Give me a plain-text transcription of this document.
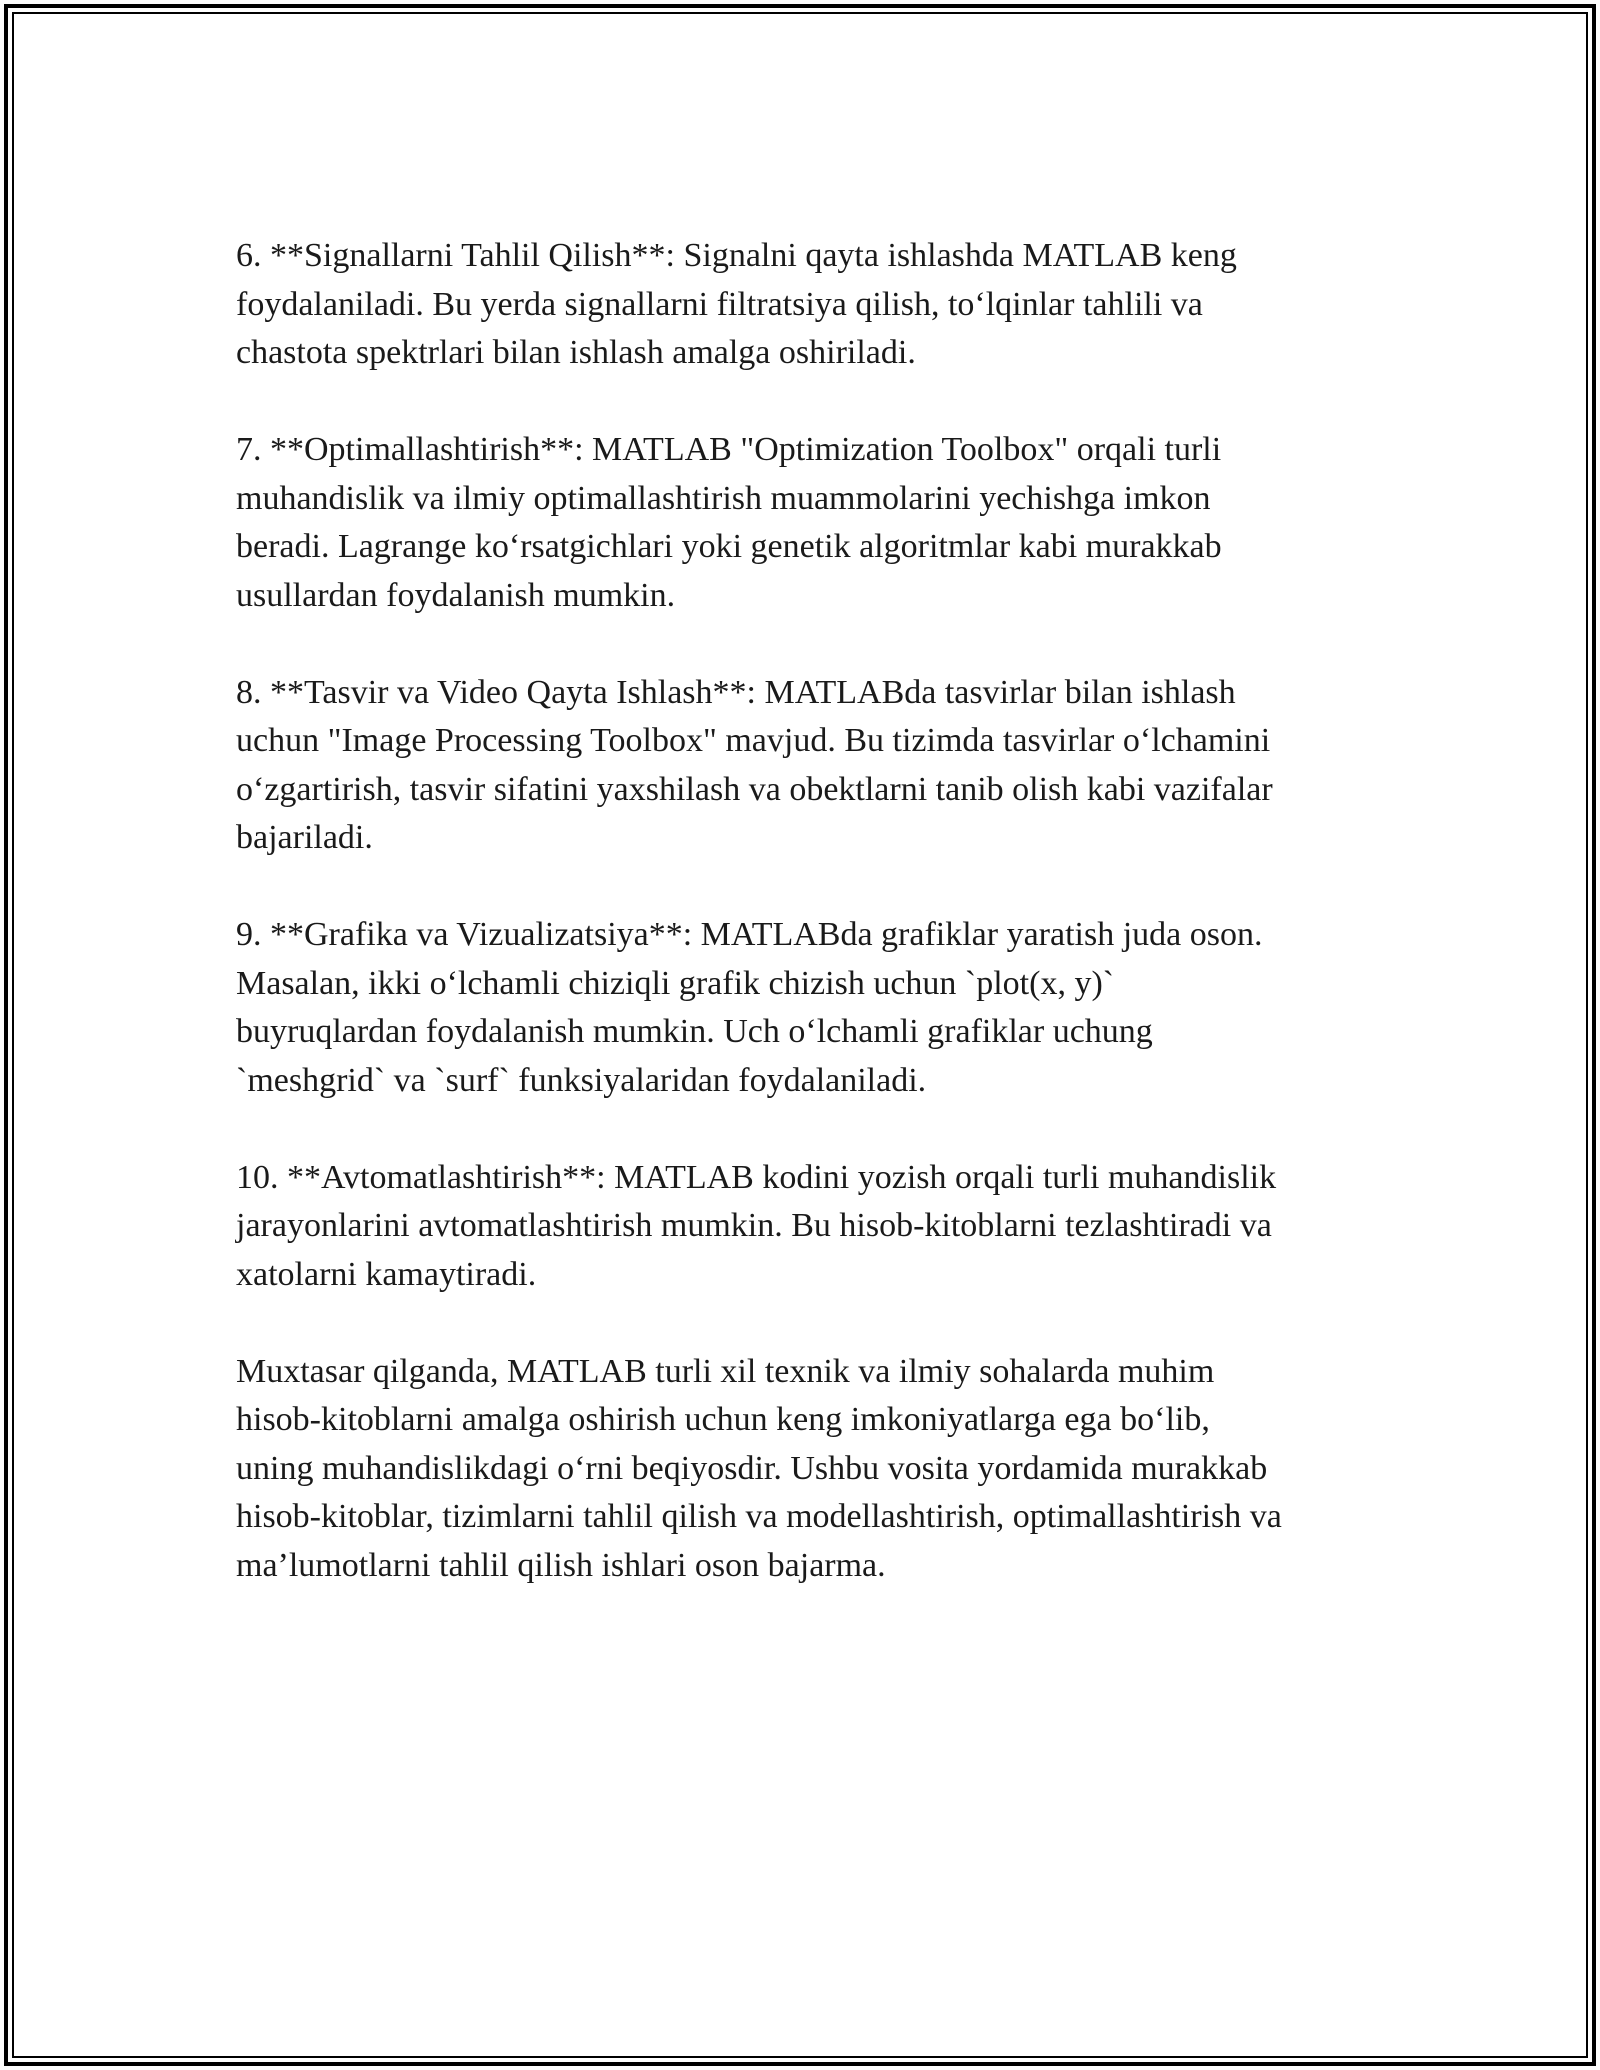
6. **Signallarni Tahlil Qilish**: Signalni qayta ishlashda MATLAB keng
foydalaniladi. Bu yerda signallarni filtratsiya qilish, to‘lqinlar tahlili va
chastota spektrlari bilan ishlash amalga oshiriladi.

7. **Optimallashtirish**: MATLAB "Optimization Toolbox" orqali turli
muhandislik va ilmiy optimallashtirish muammolarini yechishga imkon
beradi. Lagrange ko‘rsatgichlari yoki genetik algoritmlar kabi murakkab
usullardan foydalanish mumkin.

8. **Tasvir va Video Qayta Ishlash**: MATLABda tasvirlar bilan ishlash
uchun "Image Processing Toolbox" mavjud. Bu tizimda tasvirlar o‘lchamini
o‘zgartirish, tasvir sifatini yaxshilash va obektlarni tanib olish kabi vazifalar
bajariladi.

9. **Grafika va Vizualizatsiya**: MATLABda grafiklar yaratish juda oson.
Masalan, ikki o‘lchamli chiziqli grafik chizish uchun `plot(x, y)`
buyruqlardan foydalanish mumkin. Uch o‘lchamli grafiklar uchung
`meshgrid` va `surf` funksiyalaridan foydalaniladi.

10. **Avtomatlashtirish**: MATLAB kodini yozish orqali turli muhandislik
jarayonlarini avtomatlashtirish mumkin. Bu hisob-kitoblarni tezlashtiradi va
xatolarni kamaytiradi.

Muxtasar qilganda, MATLAB turli xil texnik va ilmiy sohalarda muhim
hisob-kitoblarni amalga oshirish uchun keng imkoniyatlarga ega bo‘lib,
uning muhandislikdagi o‘rni beqiyosdir. Ushbu vosita yordamida murakkab
hisob-kitoblar, tizimlarni tahlil qilish va modellashtirish, optimallashtirish va
ma’lumotlarni tahlil qilish ishlari oson bajarma.
